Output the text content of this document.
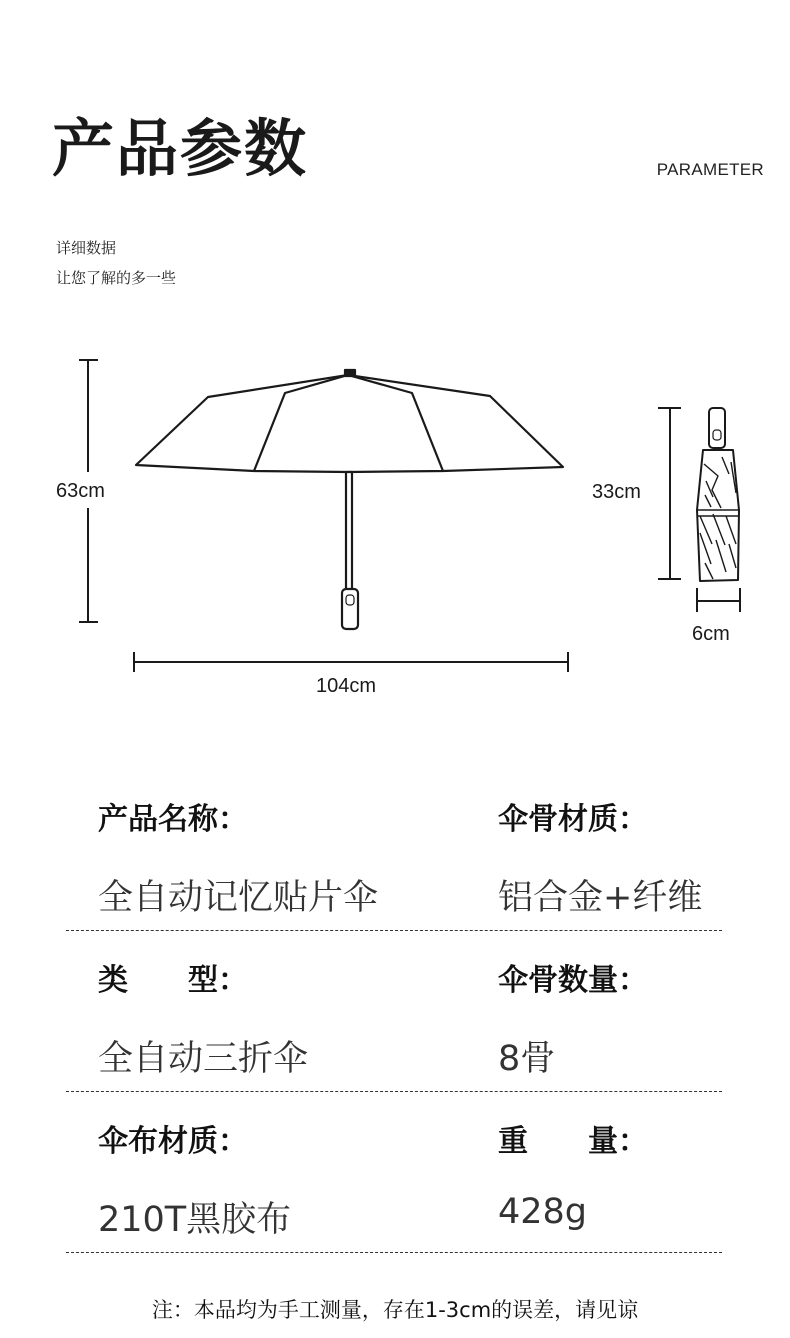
产品参数	PARAMETER
详细数据
让您了解的多一些
63cm
104cm
33cm
6cm
产品名称：
全自动记忆贴片伞
伞骨材质：
铝合金+纤维
类　　型：
全自动三折伞
伞骨数量：
8骨
伞布材质：
210T黑胶布
重　　量：
428g
注：本品均为手工测量，存在1-3cm的误差，请见谅
